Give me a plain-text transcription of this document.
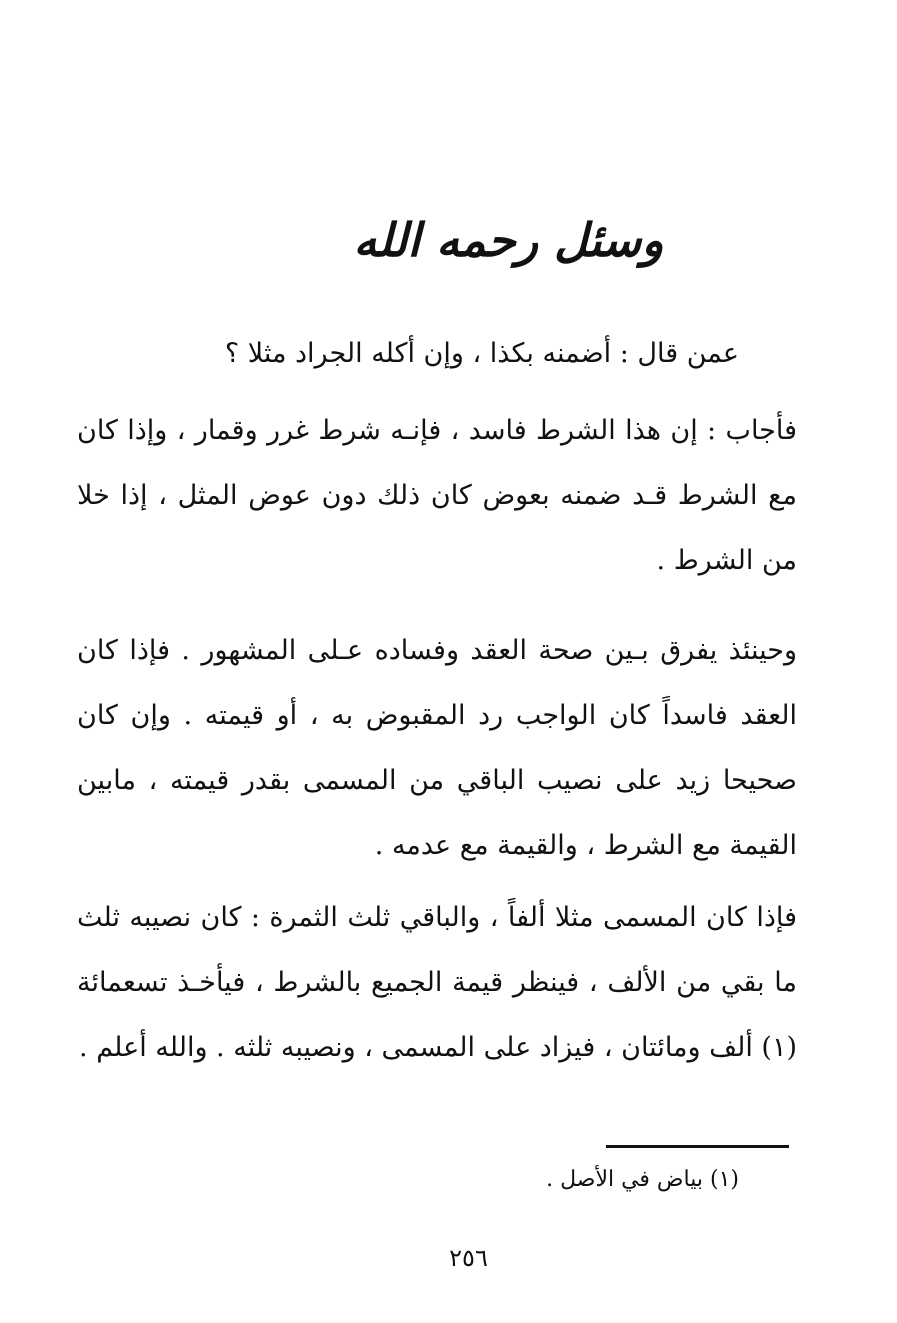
وسئل رحمه الله
عمن قال : أضمنه بكذا ، وإن أكله الجراد مثلا ؟
فأجاب : إن هذا الشرط فاسد ، فإنـه شرط غرر وقمار ، وإذا كان مع الشرط قـد ضمنه بعوض كان ذلك دون عوض المثل ، إذا خلا من الشرط .
وحينئذ يفرق بـين صحة العقد وفساده عـلى المشهور . فإذا كان العقد فاسداً كان الواجب رد المقبوض به ، أو قيمته . وإن كان صحيحا زيد على نصيب الباقي من المسمى بقدر قيمته ، مابين القيمة مع الشرط ، والقيمة مع عدمه .
فإذا كان المسمى مثلا ألفاً ، والباقي ثلث الثمرة : كان نصيبه ثلث ما بقي من الألف ، فينظر قيمة الجميع بالشرط ، فيأخـذ تسعمائة (١) ألف ومائتان ، فيزاد على المسمى ، ونصيبه ثلثه . والله أعلم .
(١) بياض في الأصل .
٢٥٦
